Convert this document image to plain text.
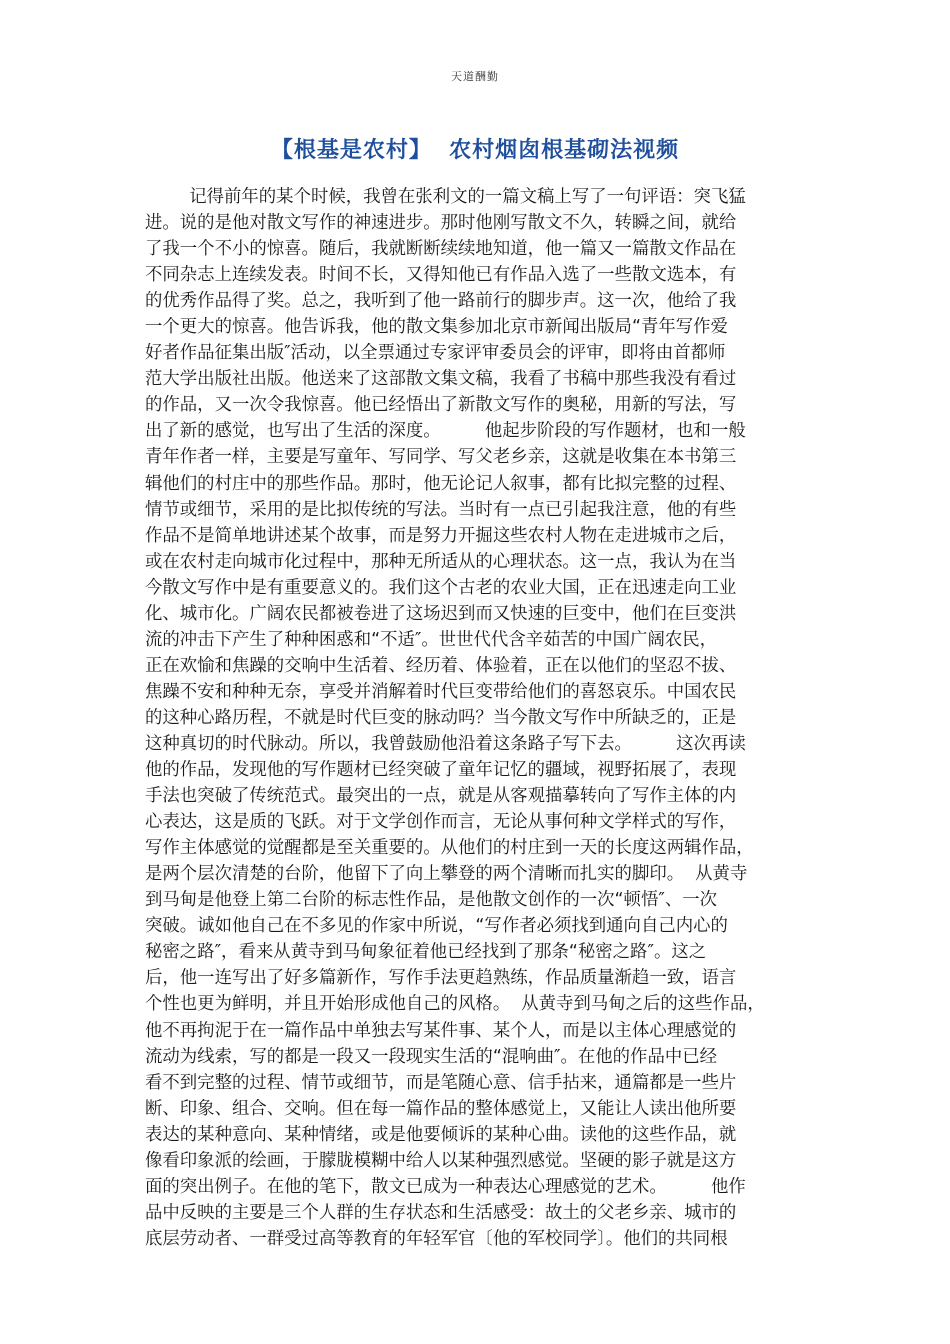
天道酬勤
【根基是农村】  农村烟囱根基砌法视频
记得前年的某个时候，我曾在张利文的一篇文稿上写了一句评语：突飞猛
进。说的是他对散文写作的神速进步。那时他刚写散文不久，转瞬之间，就给
了我一个不小的惊喜。随后，我就断断续续地知道，他一篇又一篇散文作品在
不同杂志上连续发表。时间不长，又得知他已有作品入选了一些散文选本，有
的优秀作品得了奖。总之，我听到了他一路前行的脚步声。这一次，他给了我
一个更大的惊喜。他告诉我，他的散文集参加北京市新闻出版局“青年写作爱
好者作品征集出版″活动，以全票通过专家评审委员会的评审，即将由首都师
范大学出版社出版。他送来了这部散文集文稿，我看了书稿中那些我没有看过
的作品，又一次令我惊喜。他已经悟出了新散文写作的奥秘，用新的写法，写
出了新的感觉，也写出了生活的深度。        他起步阶段的写作题材，也和一般
青年作者一样，主要是写童年、写同学、写父老乡亲，这就是收集在本书第三
辑他们的村庄中的那些作品。那时，他无论记人叙事，都有比拟完整的过程、
情节或细节，采用的是比拟传统的写法。当时有一点已引起我注意，他的有些
作品不是简单地讲述某个故事，而是努力开掘这些农村人物在走进城市之后，
或在农村走向城市化过程中，那种无所适从的心理状态。这一点，我认为在当
今散文写作中是有重要意义的。我们这个古老的农业大国，正在迅速走向工业
化、城市化。广阔农民都被卷进了这场迟到而又快速的巨变中，他们在巨变洪
流的冲击下产生了种种困惑和“不适″。世世代代含辛茹苦的中国广阔农民，
正在欢愉和焦躁的交响中生活着、经历着、体验着，正在以他们的坚忍不拔、
焦躁不安和种种无奈，享受并消解着时代巨变带给他们的喜怒哀乐。中国农民
的这种心路历程，不就是时代巨变的脉动吗？当今散文写作中所缺乏的，正是
这种真切的时代脉动。所以，我曾鼓励他沿着这条路子写下去。        这次再读
他的作品，发现他的写作题材已经突破了童年记忆的疆域，视野拓展了，表现
手法也突破了传统范式。最突出的一点，就是从客观描摹转向了写作主体的内
心表达，这是质的飞跃。对于文学创作而言，无论从事何种文学样式的写作，
写作主体感觉的觉醒都是至关重要的。从他们的村庄到一天的长度这两辑作品，
是两个层次清楚的台阶，他留下了向上攀登的两个清晰而扎实的脚印。  从黄寺
到马甸是他登上第二台阶的标志性作品，是他散文创作的一次“顿悟″、一次
突破。诚如他自己在不多见的作家中所说，“写作者必须找到通向自己内心的
秘密之路″，看来从黄寺到马甸象征着他已经找到了那条“秘密之路″。这之
后，他一连写出了好多篇新作，写作手法更趋熟练，作品质量渐趋一致，语言
个性也更为鲜明，并且开始形成他自己的风格。  从黄寺到马甸之后的这些作品，
他不再拘泥于在一篇作品中单独去写某件事、某个人，而是以主体心理感觉的
流动为线索，写的都是一段又一段现实生活的“混响曲″。在他的作品中已经
看不到完整的过程、情节或细节，而是笔随心意、信手拈来，通篇都是一些片
断、印象、组合、交响。但在每一篇作品的整体感觉上，又能让人读出他所要
表达的某种意向、某种情绪，或是他要倾诉的某种心曲。读他的这些作品，就
像看印象派的绘画，于朦胧模糊中给人以某种强烈感觉。坚硬的影子就是这方
面的突出例子。在他的笔下，散文已成为一种表达心理感觉的艺术。        他作
品中反映的主要是三个人群的生存状态和生活感受：故土的父老乡亲、城市的
底层劳动者、一群受过高等教育的年轻军官〔他的军校同学〕。他们的共同根
